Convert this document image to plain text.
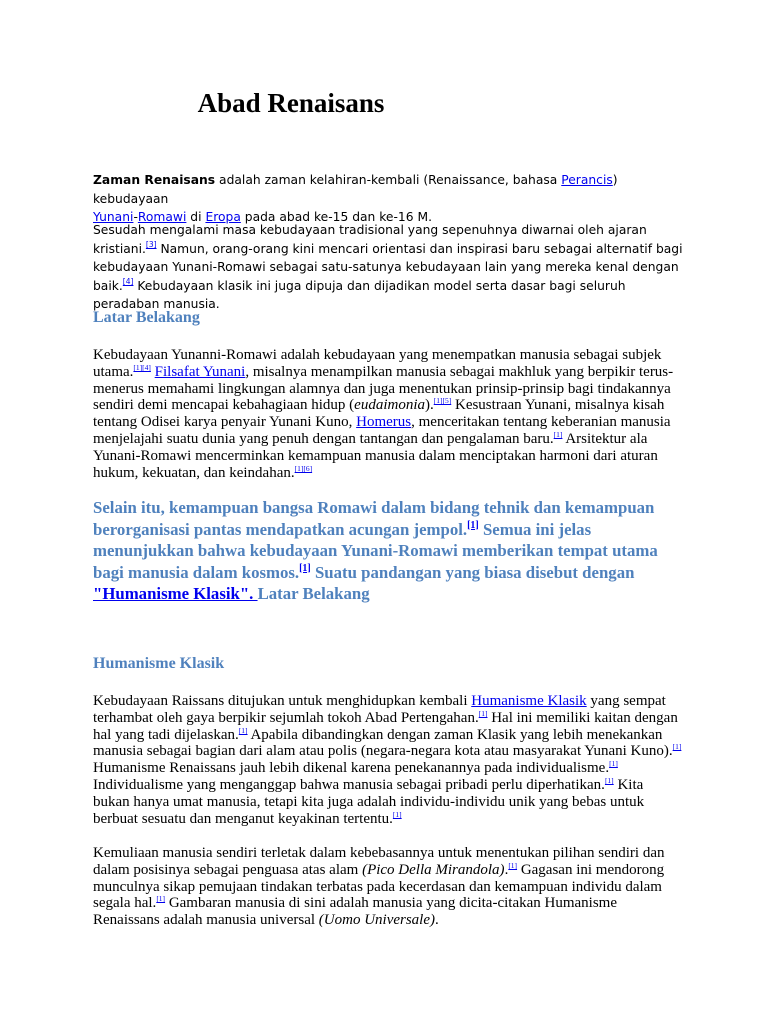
Abad Renaisans

Zaman Renaisans adalah zaman kelahiran-kembali (Renaissance, bahasa Perancis) kebudayaan
Yunani-Romawi di Eropa pada abad ke-15 dan ke-16 M.

Sesudah mengalami masa kebudayaan tradisional yang sepenuhnya diwarnai oleh ajaran kristiani.[3] Namun, orang-orang kini mencari orientasi dan inspirasi baru sebagai alternatif bagi kebudayaan Yunani-Romawi sebagai satu-satunya kebudayaan lain yang mereka kenal dengan baik.[4] Kebudayaan klasik ini juga dipuja dan dijadikan model serta dasar bagi seluruh peradaban manusia.

Latar Belakang

Kebudayaan Yunanni-Romawi adalah kebudayaan yang menempatkan manusia sebagai subjek utama.[1][4] Filsafat Yunani, misalnya menampilkan manusia sebagai makhluk yang berpikir terus-menerus memahami lingkungan alamnya dan juga menentukan prinsip-prinsip bagi tindakannya sendiri demi mencapai kebahagiaan hidup (eudaimonia).[1][5] Kesustraan Yunani, misalnya kisah tentang Odisei karya penyair Yunani Kuno, Homerus, menceritakan tentang keberanian manusia menjelajahi suatu dunia yang penuh dengan tantangan dan pengalaman baru.[1] Arsitektur ala Yunani-Romawi mencerminkan kemampuan manusia dalam menciptakan harmoni dari aturan hukum, kekuatan, dan keindahan.[1][6]

Selain itu, kemampuan bangsa Romawi dalam bidang tehnik dan kemampuan berorganisasi pantas mendapatkan acungan jempol.[1] Semua ini jelas menunjukkan bahwa kebudayaan Yunani-Romawi memberikan tempat utama bagi manusia dalam kosmos.[1] Suatu pandangan yang biasa disebut dengan "Humanisme Klasik". Latar Belakang

Humanisme Klasik

Kebudayaan Raissans ditujukan untuk menghidupkan kembali Humanisme Klasik yang sempat terhambat oleh gaya berpikir sejumlah tokoh Abad Pertengahan.[1] Hal ini memiliki kaitan dengan hal yang tadi dijelaskan.[1] Apabila dibandingkan dengan zaman Klasik yang lebih menekankan manusia sebagai bagian dari alam atau polis (negara-negara kota atau masyarakat Yunani Kuno).[1] Humanisme Renaissans jauh lebih dikenal karena penekanannya pada individualisme.[1] Individualisme yang menganggap bahwa manusia sebagai pribadi perlu diperhatikan.[1] Kita bukan hanya umat manusia, tetapi kita juga adalah individu-individu unik yang bebas untuk berbuat sesuatu dan menganut keyakinan tertentu.[1]

Kemuliaan manusia sendiri terletak dalam kebebasannya untuk menentukan pilihan sendiri dan dalam posisinya sebagai penguasa atas alam (Pico Della Mirandola).[1] Gagasan ini mendorong munculnya sikap pemujaan tindakan terbatas pada kecerdasan dan kemampuan individu dalam segala hal.[1] Gambaran manusia di sini adalah manusia yang dicita-citakan Humanisme Renaissans adalah manusia universal (Uomo Universale).
